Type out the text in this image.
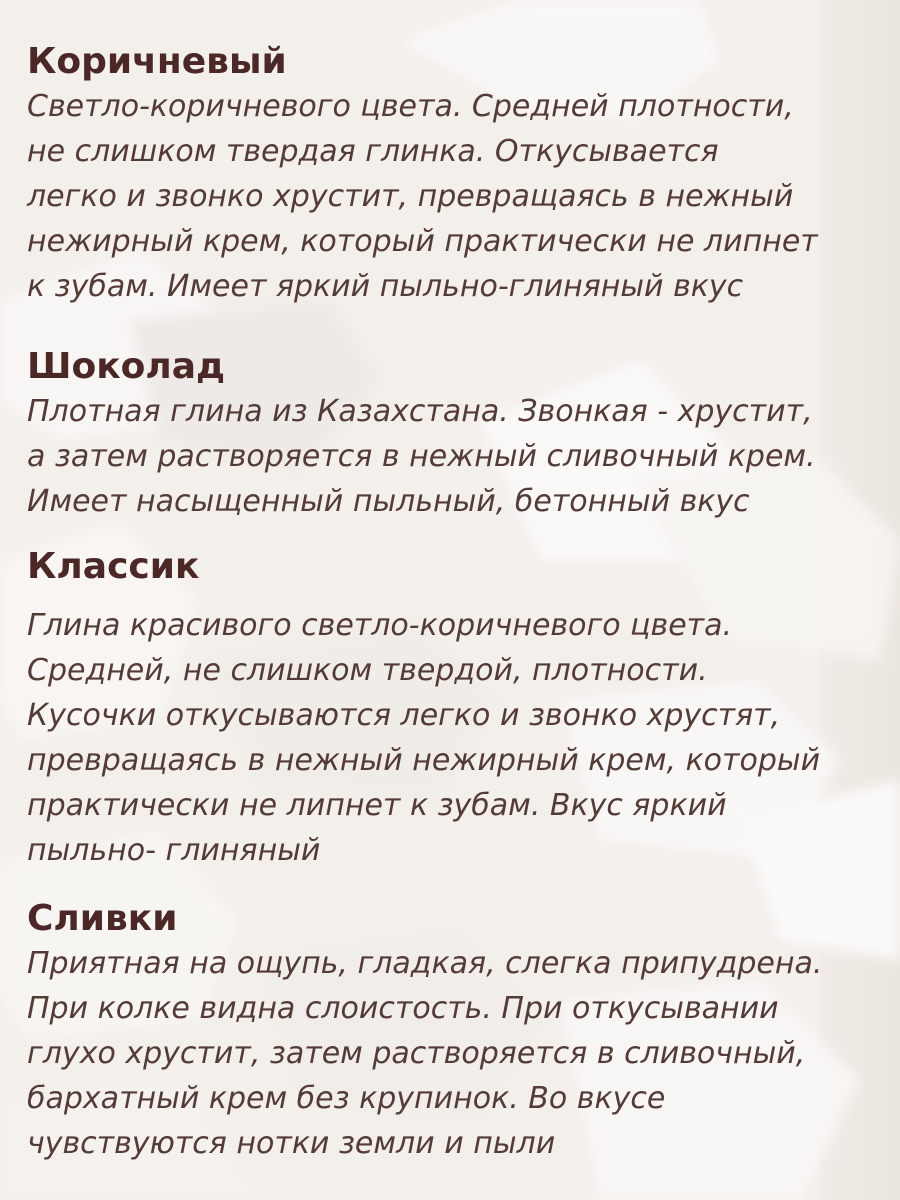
Коричневый

Светло-коричневого цвета. Средней плотности,
не слишком твердая глинка. Откусывается
легко и звонко хрустит, превращаясь в нежный
нежирный крем, который практически не липнет
к зубам. Имеет яркий пыльно-глиняный вкус

Шоколад

Плотная глина из Казахстана. Звонкая - хрустит,
а затем растворяется в нежный сливочный крем.
Имеет насыщенный пыльный, бетонный вкус

Классик

Глина красивого светло-коричневого цвета.
Средней, не слишком твердой, плотности.
Кусочки откусываются легко и звонко хрустят,
превращаясь в нежный нежирный крем, который
практически не липнет к зубам. Вкус яркий
пыльно- глиняный

Сливки

Приятная на ощупь, гладкая, слегка припудрена.
При колке видна слоистость. При откусывании
глухо хрустит, затем растворяется в сливочный,
бархатный крем без крупинок. Во вкусе
чувствуются нотки земли и пыли
